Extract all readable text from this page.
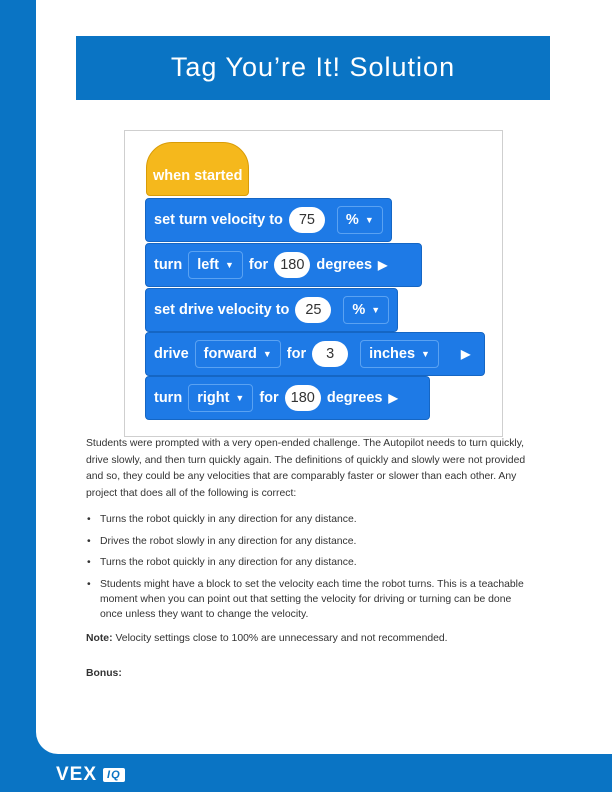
Tag You’re It! Solution
when started
set turn velocity to	75	% ▼
turn left ▼ for 180 degrees ▶
set drive velocity to	25	% ▼
drive forward ▼ for	3	inches ▼	▶
turn right ▼ for 180 degrees ▶
Students were prompted with a very open-ended challenge. The Autopilot needs to turn quickly, drive slowly, and then turn quickly again. The definitions of quickly and slowly were not provided and so, they could be any velocities that are comparably faster or slower than each other. Any project that does all of the following is correct:
• Turns the robot quickly in any direction for any distance.
• Drives the robot slowly in any direction for any distance.
• Turns the robot quickly in any direction for any distance.
• Students might have a block to set the velocity each time the robot turns. This is a teachable moment when you can point out that setting the velocity for driving or turning can be done once unless they want to change the velocity.
Note: Velocity settings close to 100% are unnecessary and not recommended.
Bonus:
VEX IQ
